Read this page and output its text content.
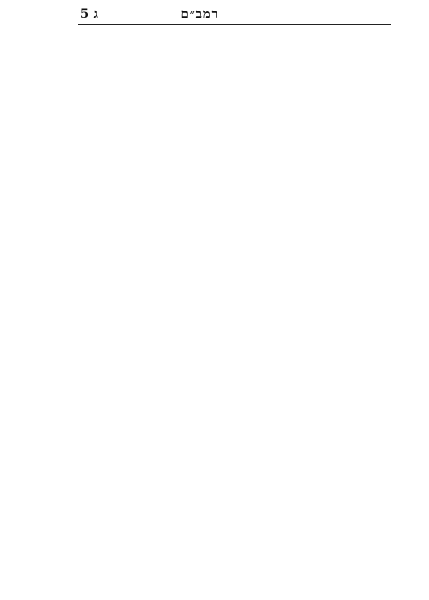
רמב״ם
ג 5
